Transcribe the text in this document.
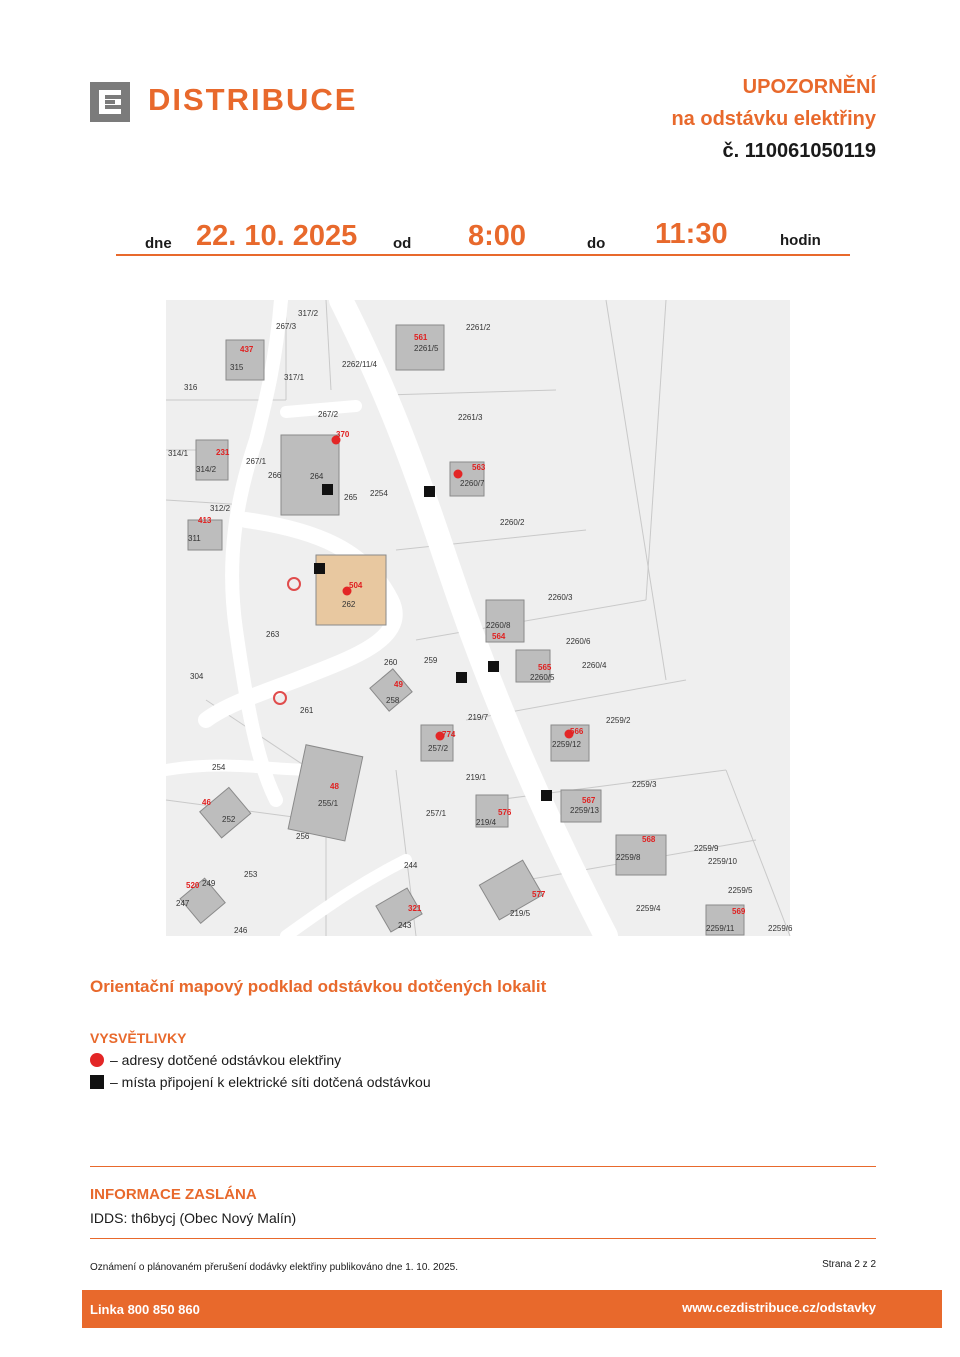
DISTRIBUCE	UPOZORNĚNÍ
na odstávku elektřiny
č. 110061050119
dne 22. 10. 2025 od 8:00	do 11:30	hodin
317/2
267/3
315
316
317/1
2262/11/4
2261/2
2261/5
267/2	2261/3
314/1
314/2
267/1
266	264
265 2254
2260/7
312/2
311
2260/2
262
263
2260/3
2260/8
2260/6
260	259
2260/4
2260/5
304
258
261
219/7	2259/2
257/2	2259/12
254
219/1
2259/3
255/1
2259/13
252
257/1
219/4
256
2259/9
2259/8	2259/10
244
253
249
2259/5
247
2259/4
219/5
243
246	2259/11	2259/6
437
561
370
231
413
563
504
564
565
49
774	566
48
567
46
576
568
520
577
321	569
Orientační mapový podklad odstávkou dotčených lokalit
VYSVĚTLIVKY
– adresy dotčené odstávkou elektřiny
– místa připojení k elektrické síti dotčená odstávkou
INFORMACE ZASLÁNA
IDDS: th6bycj (Obec Nový Malín)
Oznámení o plánovaném přerušení dodávky elektřiny publikováno dne 1. 10. 2025.	Strana 2 z 2
Linka 800 850 860	www.cezdistribuce.cz/odstavky
